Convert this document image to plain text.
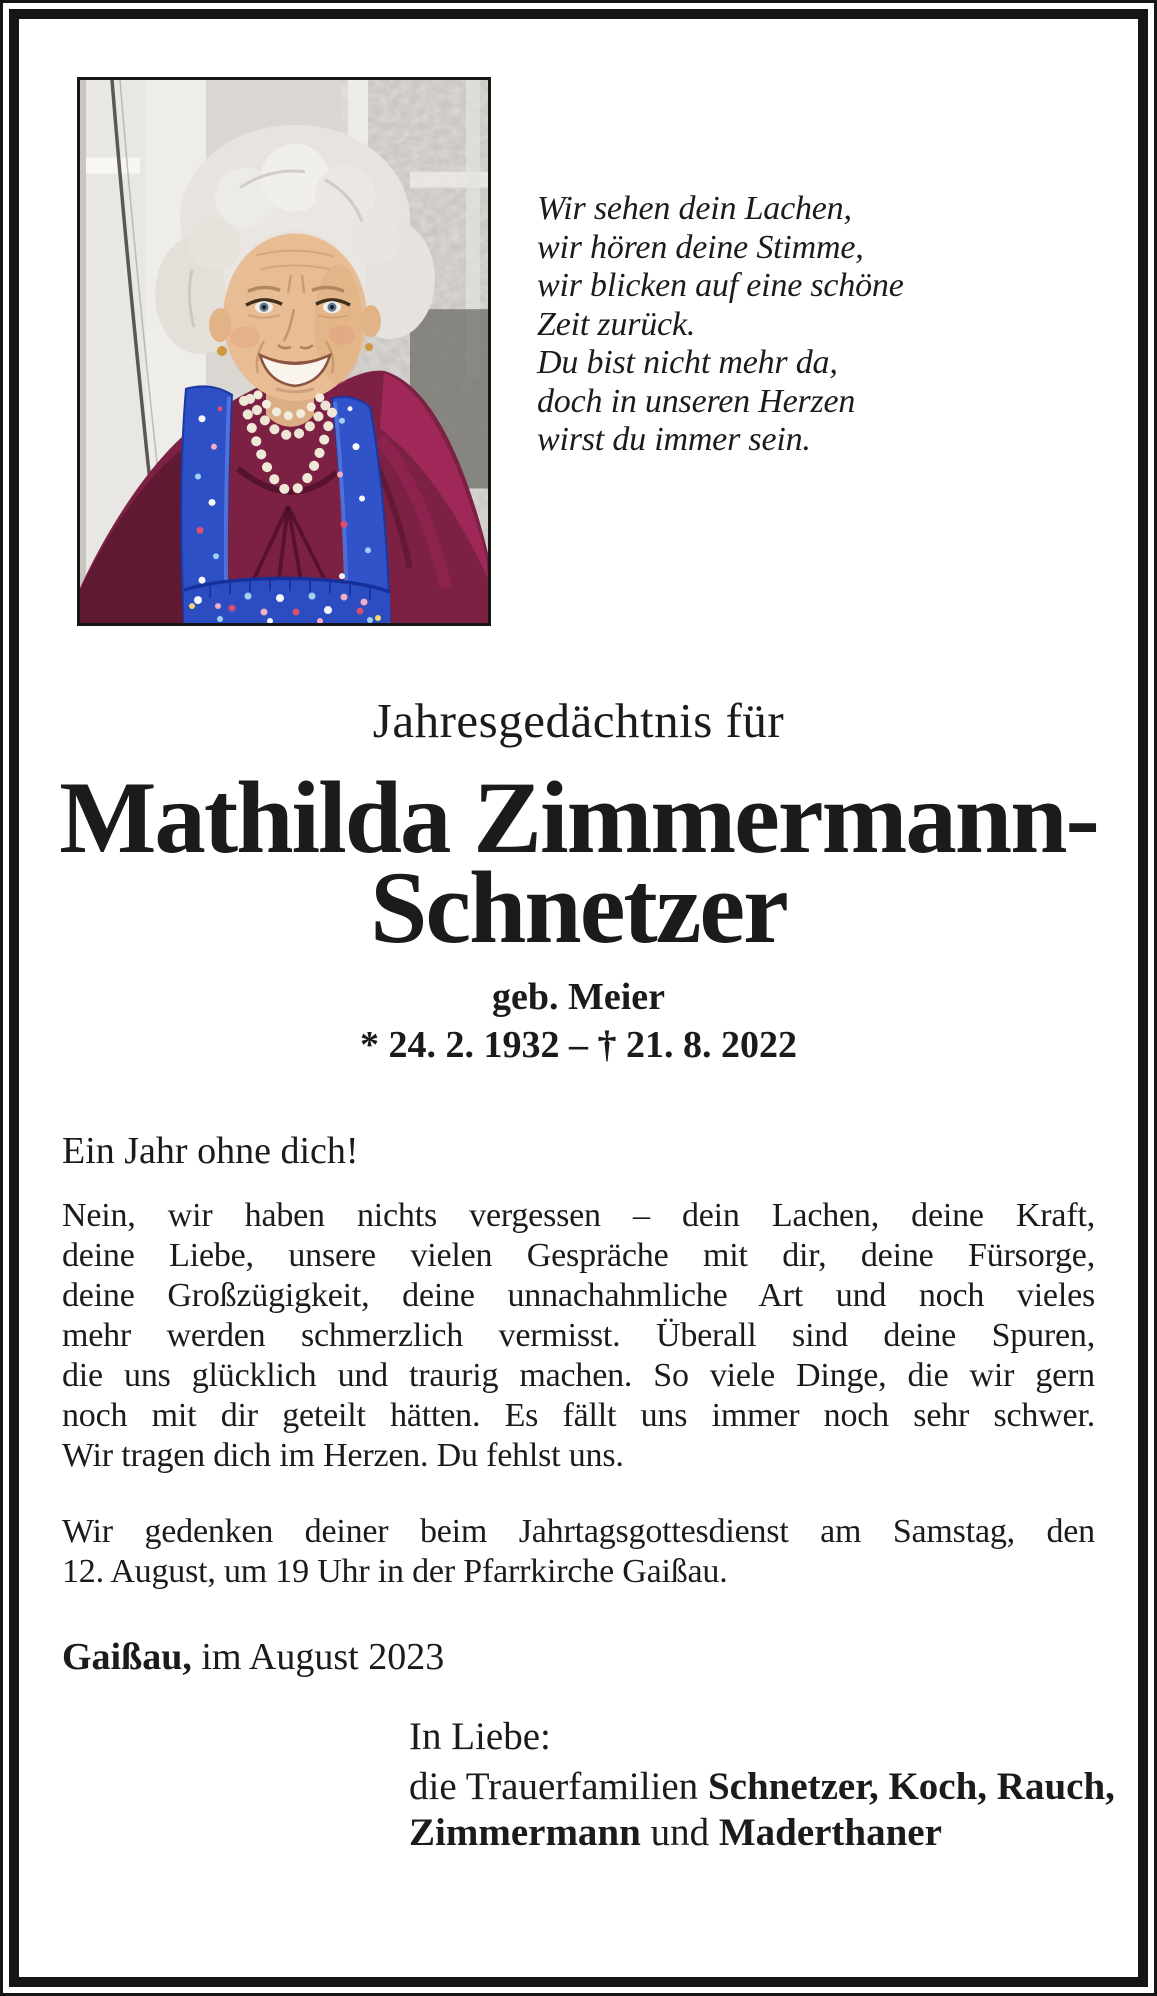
Wir sehen dein Lachen,
wir hören deine Stimme,
wir blicken auf eine schöne
Zeit zurück.
Du bist nicht mehr da,
doch in unseren Herzen
wirst du immer sein.
Jahresgedächtnis für
Mathilda Zimmermann-
Schnetzer
geb. Meier
* 24. 2. 1932 – † 21. 8. 2022
Ein Jahr ohne dich!
Nein, wir haben nichts vergessen – dein Lachen, deine Kraft,
deine Liebe, unsere vielen Gespräche mit dir, deine Fürsorge,
deine Großzügigkeit, deine unnachahmliche Art und noch vieles
mehr werden schmerzlich vermisst. Überall sind deine Spuren,
die uns glücklich und traurig machen. So viele Dinge, die wir gern
noch mit dir geteilt hätten. Es fällt uns immer noch sehr schwer.
Wir tragen dich im Herzen. Du fehlst uns.
Wir gedenken deiner beim Jahrtagsgottesdienst am Samstag, den
12. August, um 19 Uhr in der Pfarrkirche Gaißau.
Gaißau, im August 2023
In Liebe:
die Trauerfamilien Schnetzer, Koch, Rauch,
Zimmermann und Maderthaner
